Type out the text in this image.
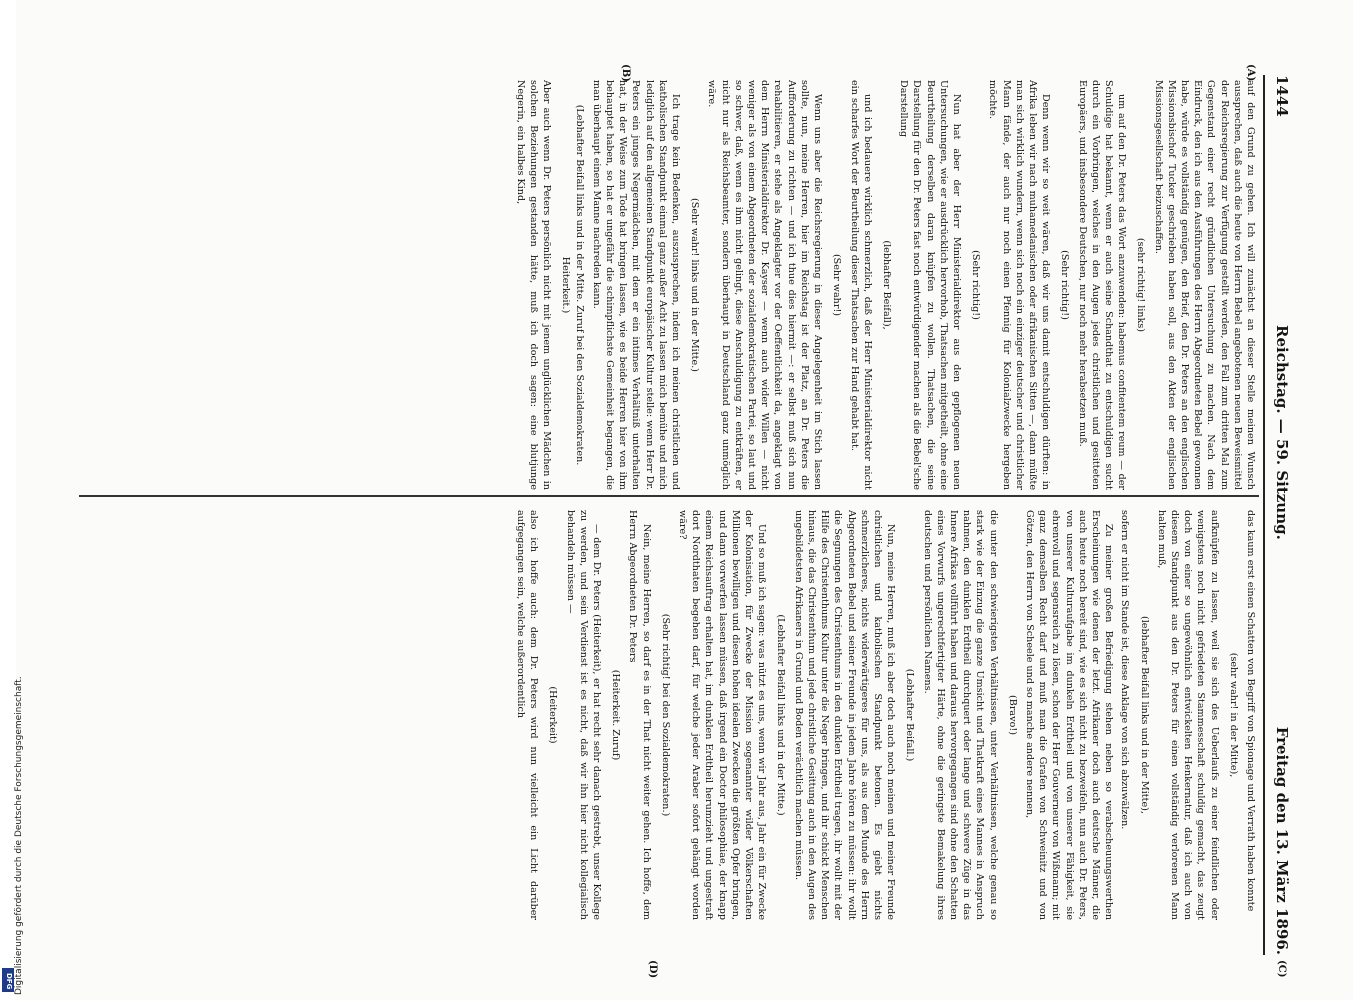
1444
Reichstag. — 59. Sitzung.
Freitag den 13. März 1896.
(A)
(B)
(C)
(D)

auf den Grund zu gehen. Ich will zunächst an dieser Stelle meinen Wunsch aussprechen, daß auch die heute von Herrn Bebel angebotenen neuen Beweismittel der Reichsregierung zur Verfügung gestellt werden, den Fall zum dritten Mal zum Gegenstand einer recht gründlichen Untersuchung zu machen. Nach dem Eindruck, den ich aus den Ausführungen des Herrn Abgeordneten Bebel gewonnen habe, würde es vollständig genügen, den Brief, den Dr. Peters an den englischen Missionsbischof Tucker geschrieben haben soll, aus den Akten der englischen Missionsgesellschaft beizuschaffen.

(sehr richtig! links)

um auf den Dr. Peters das Wort anzuwenden: habemus confitentem reum — der Schuldige hat bekannt, wenn er auch seine Schandthat zu entschuldigen sucht durch ein Vorbringen, welches in den Augen jedes christlichen und gesitteten Europäers, und insbesondere Deutschen, nur noch mehr herabsetzen muß.

(Sehr richtig!)

Denn wenn wir so weit wären, daß wir uns damit entschuldigen dürften: in Afrika leben wir nach muhamedanischen oder afrikanischen Sitten —, dann müßte man sich wirklich wundern, wenn sich noch ein einziger deutscher und christlicher Mann fände, der auch nur noch einen Pfennig für Kolonialzwecke hergeben möchte.

(Sehr richtig!)

Nun hat aber der Herr Ministerialdirektor aus den gepflogenen neuen Untersuchungen, wie er ausdrücklich hervorhob, Thatsachen mitgetheilt, ohne eine Beurtheilung derselben daran knüpfen zu wollen. Thatsachen, die seine Darstellung für den Dr. Peters fast noch entwürdigender machen als die Bebel'sche Darstellung

(lebhafter Beifall),

und ich bedauere wirklich schmerzlich, daß der Herr Ministerialdirektor nicht ein scharfes Wort der Beurtheilung dieser Thatsachen zur Hand gehabt hat.

(Sehr wahr!)

Wenn uns aber die Reichsregierung in dieser Angelegenheit im Stich lassen sollte, nun, meine Herren, hier im Reichstag ist der Platz, an Dr. Peters die Aufforderung zu richten — und ich thue dies hiermit —: er selbst muß sich nun rehabilitieren, er stehe als Angeklagter vor der Oeffentlichkeit da, angeklagt von dem Herrn Ministerialdirektor Dr. Kayser — wenn auch wider Willen — nicht weniger als von einem Abgeordneten der sozialdemokratischen Partei, so laut und so schwer, daß, wenn es ihm nicht gelingt, diese Anschuldigung zu entkräften, er nicht nur als Reichsbeamter, sondern überhaupt in Deutschland ganz unmöglich wäre.

(Sehr wahr! links und in der Mitte.)

Ich trage kein Bedenken, auszusprechen, indem ich meinen christlichen und katholischen Standpunkt einmal ganz außer Acht zu lassen mich bemühe und mich lediglich auf den allgemeinen Standpunkt europäischer Kultur stelle: wenn Herr Dr. Peters ein junges Negermädchen, mit dem er ein intimes Verhältniß unterhalten hat, in der Weise zum Tode hat bringen lassen, wie es beide Herren hier von ihm behauptet haben, so hat er ungefähr die schimpflichste Gemeinheit begangen, die man überhaupt einem Manne nachreden kann.

(Lebhafter Beifall links und in der Mitte. Zuruf bei den Sozialdemokraten. Heiterkeit.)

Aber auch wenn Dr. Peters persönlich nicht mit jenem unglücklichen Mädchen in solchen Beziehungen gestanden hätte, muß ich doch sagen: eine blutjunge Negerin, ein halbes Kind,

das kaum erst einen Schatten von Begriff von Spionage und Verrath haben konnte

(sehr wahr! in der Mitte),

aufknüpfen zu lassen, weil sie sich des Ueberlaufs zu einer feindlichen oder wenigstens noch nicht gefriedeten Stammesschaft schuldig gemacht, das zeugt doch von einer so ungewöhnlich entwickelten Henkernatur, daß ich auch von diesem Standpunkt aus den Dr. Peters für einen vollständig verlorenen Mann halten muß,

(lebhafter Beifall links und in der Mitte),

sofern er nicht im Stande ist, diese Anklage von sich abzuwälzen.

Zu meiner großen Befriedigung stehen neben so verabscheuungswerthen Erscheinungen wie denen der letzt. Afrikaner doch auch deutsche Männer, die auch heute noch bereit sind, wie es sich nicht zu bezweifeln, nun auch Dr. Peters, von unserer Kulturaufgabe im dunkeln Erdtheil und von unserer Fähigkeit, sie ehrenvoll und segensreich zu lösen, schon der Herr Gouverneur von Wißmann; mit ganz demselben Recht darf und muß man die Grafen von Schweinitz und von Götzen, den Herrn von Scheele und so manche andere nennen,

(Bravo!)

die unter den schwierigsten Verhältnissen, unter Verhältnissen, welche genau so stark wie der Einzug die ganze Umsicht und Thatkraft eines Mannes in Anspruch nahmen, den dunklen Erdtheil durchquert oder lange und schwere Züge in das Innere Afrikas vollführt haben und daraus hervorgegangen sind ohne den Schatten eines Vorwurfs ungerechtfertigter Härte, ohne die geringste Bemakelung ihres deutschen und persönlichen Namens.

(Lebhafter Beifall.)

Nun, meine Herren, muß ich aber doch auch noch meinen und meiner Freunde christlichen und katholischen Standpunkt betonen. Es giebt nichts schmerzlicheres, nichts widerwärtigeres für uns, als aus dem Munde des Herrn Abgeordneten Bebel und seiner Freunde in jedem Jahre hören zu müssen: ihr wollt die Segnungen des Christenthums in den dunklen Erdtheil tragen, ihr wollt mit der Hilfe des Christenthums Kultur unter die Neger bringen, und ihr schickt Menschen hinaus, die das Christenthum und jede christliche Gesittung auch in den Augen des ungebildetsten Afrikaners in Grund und Boden verächtlich machen müssen.

(Lebhafter Beifall links und in der Mitte.)

Und so muß ich sagen: was nützt es uns, wenn wir Jahr aus, Jahr ein für Zwecke der Kolonisation, für Zwecke der Mission sogenannter wilder Völkerschaften Millionen bewilligen und diesen hohen idealen Zwecken die größten Opfer bringen, und dann vorwerfen lassen müssen, daß irgend ein Doctor philosophiae, der knapp einem Reichsauftrag erhalten hat, im dunklen Erdtheil herumzieht und ungestraft dort Nordthaten begehen darf, für welche jeder Araber sofort gehängt worden wäre?

(Sehr richtig! bei den Sozialdemokraten.)

Nein, meine Herren, so darf es in der That nicht weiter gehen. Ich hoffe, dem Herrn Abgeordneten Dr. Peters

(Heiterkeit. Zuruf)

— dem Dr. Peters (Heiterkeit), er hat recht sehr danach gestrebt, unser Kollege zu werden, und sein Verdienst ist es nicht, daß wir ihn hier nicht kollegialisch behandeln müssen —

(Heiterkeit)

also ich hoffe auch: dem Dr. Peters wird nun vielleicht ein Licht darüber aufgegangen sein, welche außerordentlich

Digitalisierung gefördert durch die Deutsche Forschungsgemeinschaft.
DFG
